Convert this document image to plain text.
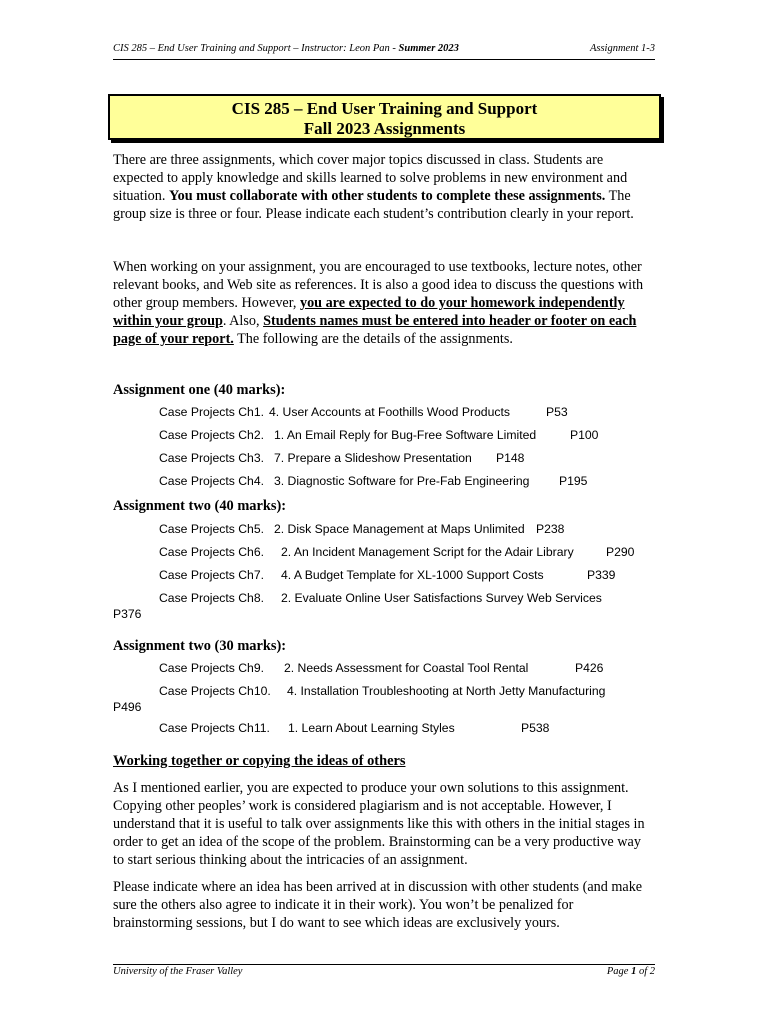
CIS 285 – End User Training and Support – Instructor: Leon Pan - Summer 2023	Assignment 1-3
CIS 285 – End User Training and Support
Fall 2023 Assignments

There are three assignments, which cover major topics discussed in class. Students are expected to apply knowledge and skills learned to solve problems in new environment and situation. You must collaborate with other students to complete these assignments. The group size is three or four. Please indicate each student’s contribution clearly in your report.

When working on your assignment, you are encouraged to use textbooks, lecture notes, other relevant books, and Web site as references. It is also a good idea to discuss the questions with other group members. However, you are expected to do your homework independently within your group. Also, Students names must be entered into header or footer on each page of your report. The following are the details of the assignments.

Assignment one (40 marks):
Case Projects Ch1. 4. User Accounts at Foothills Wood Products	P53
Case Projects Ch2. 1. An Email Reply for Bug-Free Software Limited	P100
Case Projects Ch3. 7. Prepare a Slideshow Presentation P148
Case Projects Ch4. 3. Diagnostic Software for Pre-Fab Engineering P195
Assignment two (40 marks):
Case Projects Ch5. 2. Disk Space Management at Maps Unlimited P238
Case Projects Ch6. 2. An Incident Management Script for the Adair Library	P290
Case Projects Ch7. 4. A Budget Template for XL-1000 Support Costs	P339
Case Projects Ch8. 2. Evaluate Online User Satisfactions Survey Web Services
P376
Assignment two (30 marks):
Case Projects Ch9. 2. Needs Assessment for Coastal Tool Rental	P426
Case Projects Ch10. 4. Installation Troubleshooting at North Jetty Manufacturing
P496
Case Projects Ch11. 1. Learn About Learning Styles	P538
Working together or copying the ideas of others

As I mentioned earlier, you are expected to produce your own solutions to this assignment. Copying other peoples’ work is considered plagiarism and is not acceptable. However, I understand that it is useful to talk over assignments like this with others in the initial stages in order to get an idea of the scope of the problem. Brainstorming can be a very productive way to start serious thinking about the intricacies of an assignment.

Please indicate where an idea has been arrived at in discussion with other students (and make sure the others also agree to indicate it in their work). You won’t be penalized for brainstorming sessions, but I do want to see which ideas are exclusively yours.

University of the Fraser Valley	Page 1 of 2
